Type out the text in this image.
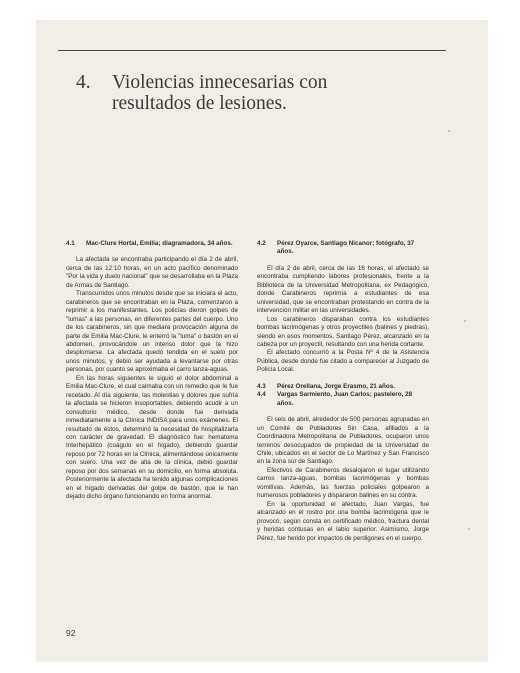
4. Violencias innecesarias con
resultados de lesiones.
4.1	Mac-Clure Hortal, Emilia; diagramadora, 34 años.

La afectada se encontraba participando el día 2 de abril, cerca de las 12:10 horas, en un acto pacífico denominado "Por la vida y duelo nacional" que se desarrollaba en la Plaza de Armas de Santiago.

Transcurridos unos minutos desde que se iniciara el acto, carabineros que se encontraban en la Plaza, comenzaron a reprimir a los manifestantes. Los policías dieron golpes de "lumas" a las personas, en diferentes partes del cuerpo. Uno de los carabineros, sin que mediara provocación alguna de parte de Emilia Mac-Clure, le enterró la "luma" o bastón en el abdomen, provocándole un intenso dolor que la hizo desplomarse. La afectada quedó tendida en el suelo por unos minutos, y debió ser ayudada a levantarse por otras personas, por cuanto se aproximaba el carro lanza-aguas.

En las horas siguientes le siguió el dolor abdominal a Emilia Mac-Clure, el cual calmaba con un remedio que le fue recetado. Al día siguiente, las molestias y dolores que sufría la afectada se hicieron insoportables, debiendo acudir a un consultorio médico, desde donde fue derivada inmediatamente a la Clínica INDISA para unos exámenes. El resultado de éstos, determinó la necesidad de hospitalizarla con carácter de gravedad. El diagnóstico fue: hematoma Interhepático (coágulo en el hígado), debiendo guardar reposo por 72 horas en la Clínica, alimentándose únicamente con suero. Una vez de alta de la clínica, debió guardar reposo por dos semanas en su domicilio, en forma absoluta. Posteriormente la afectada ha tenido algunas complicaciones en el hígado derivadas del golpe de bastón, que le han dejado dicho órgano funcionando en forma anormal.

4.2	Pérez Oyarce, Santiago Nicanor; fotógrafo, 37 años.

El día 2 de abril, cerca de las 16 horas, el afectado se encontraba cumpliendo labores profesionales, frente a la Biblioteca de la Universidad Metropolitana, ex Pedagógico, donde Carabineros reprimía a estudiantes de esa universidad, que se encontraban protestando en contra de la intervención militar en las universidades.

Los carabineros disparaban contra los estudiantes bombas lacrimógenas y otros proyectiles (balines y piedras), siendo en esos momentos, Santiago Pérez, alcanzado en la cabeza por un proyectil, resultando con una herida cortante.

El afectado concurrió a la Posta Nº 4 de la Asistencia Pública, desde donde fue citado a comparecer al Juzgado de Policía Local.

4.3	Pérez Orellana, Jorge Erasmo, 21 años.
4.4	Vargas Sarmiento, Juan Carlos; pastelero, 28 años.

El seis de abril, alrededor de 500 personas agrupadas en un Comité de Pobladores Sin Casa, afiliados a la Coordinadora Metropolitana de Pobladores, ocuparon unos terrenos desocupados de propiedad de la Universidad de Chile, ubicados en el sector de Lo Martínez y San Francisco en la zona sur de Santiago.

Efectivos de Carabineros desalojaron el lugar utilizando carros lanza-aguas, bombas lacrimógenas y bombas vomitivas. Además, las fuerzas policiales golpearon a numerosos pobladores y dispararon balines en su contra.

En la oportunidad el afectado, Juan Vargas, fue alcanzado en el rostro por una bomba lacrimógena que le provocó, según consta en certificado médico, fractura dental y heridas contusas en el labio superior. Asimismo, Jorge Pérez, fue herido por impactos de perdigones en el cuerpo.

92
